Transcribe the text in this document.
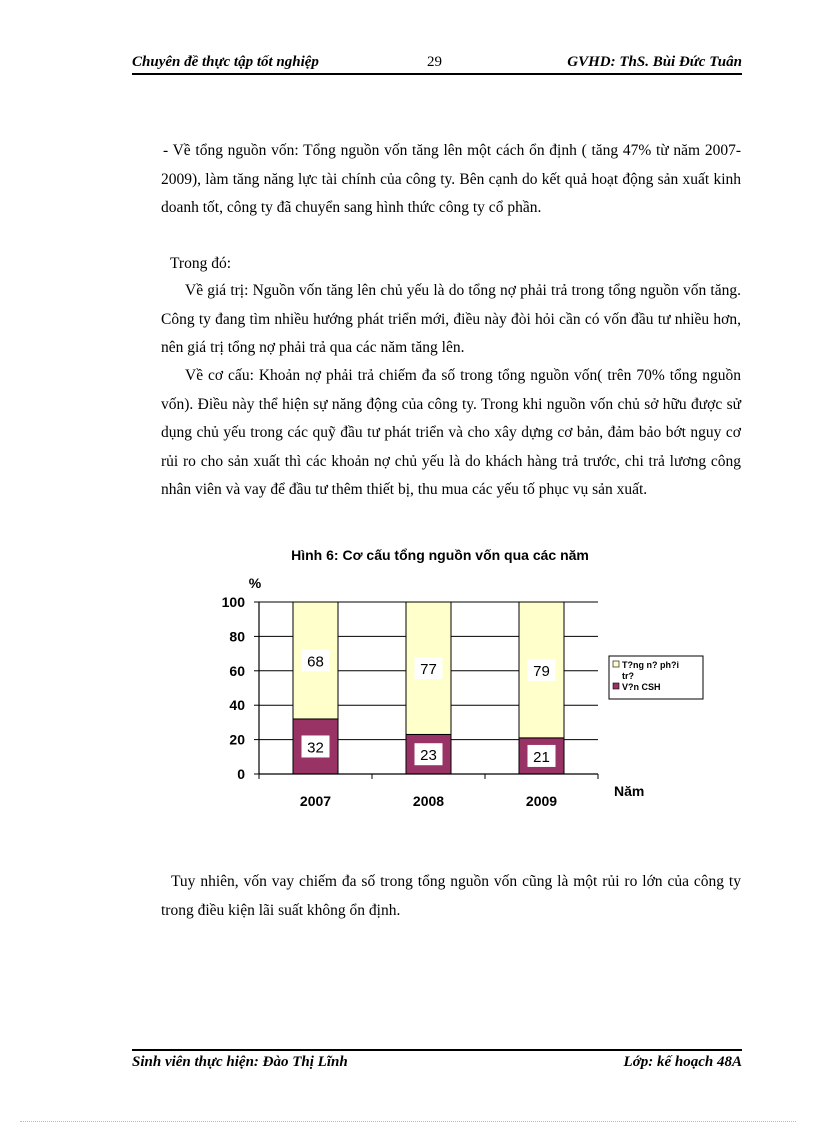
Chuyên đề thực tập tốt nghiệp	29	GVHD: ThS. Bùi Đức Tuân

- Về tổng nguồn vốn: Tổng nguồn vốn tăng lên một cách ổn định ( tăng 47% từ năm 2007- 2009), làm tăng năng lực tài chính của công ty. Bên cạnh do kết quả hoạt động sản xuất kinh doanh tốt, công ty đã chuyển sang hình thức công ty cổ phần.

Trong đó:

Về giá trị: Nguồn vốn tăng lên chủ yếu là do tổng nợ phải trả trong tổng nguồn vốn tăng. Công ty đang tìm nhiều hướng phát triển mới, điều này đòi hỏi cần có vốn đầu tư nhiều hơn, nên giá trị tổng nợ phải trả qua các năm tăng lên.

Về cơ cấu: Khoản nợ phải trả chiếm đa số trong tổng nguồn vốn( trên 70% tổng nguồn vốn). Điều này thể hiện sự năng động của công ty. Trong khi nguồn vốn chủ sở hữu được sử dụng chủ yếu trong các quỹ đầu tư phát triển và cho xây dựng cơ bản, đảm bảo bớt nguy cơ rủi ro cho sản xuất thì các khoản nợ chủ yếu là do khách hàng trả trước, chi trả lương công nhân viên và vay để đầu tư thêm thiết bị, thu mua các yếu tố phục vụ sản xuất.

Hình 6: Cơ cấu tổng nguồn vốn qua các năm
%
Năm
0
20
40
60
80
100
32
68
2007
23
77
2008
21
79
2009
T?ng n? ph?i
tr?
V?n CSH

Tuy nhiên, vốn vay chiếm đa số trong tổng nguồn vốn cũng là một rủi ro lớn của công ty trong điều kiện lãi suất không ổn định.

Sinh viên thực hiện: Đào Thị Lĩnh	Lớp: kế hoạch 48A
